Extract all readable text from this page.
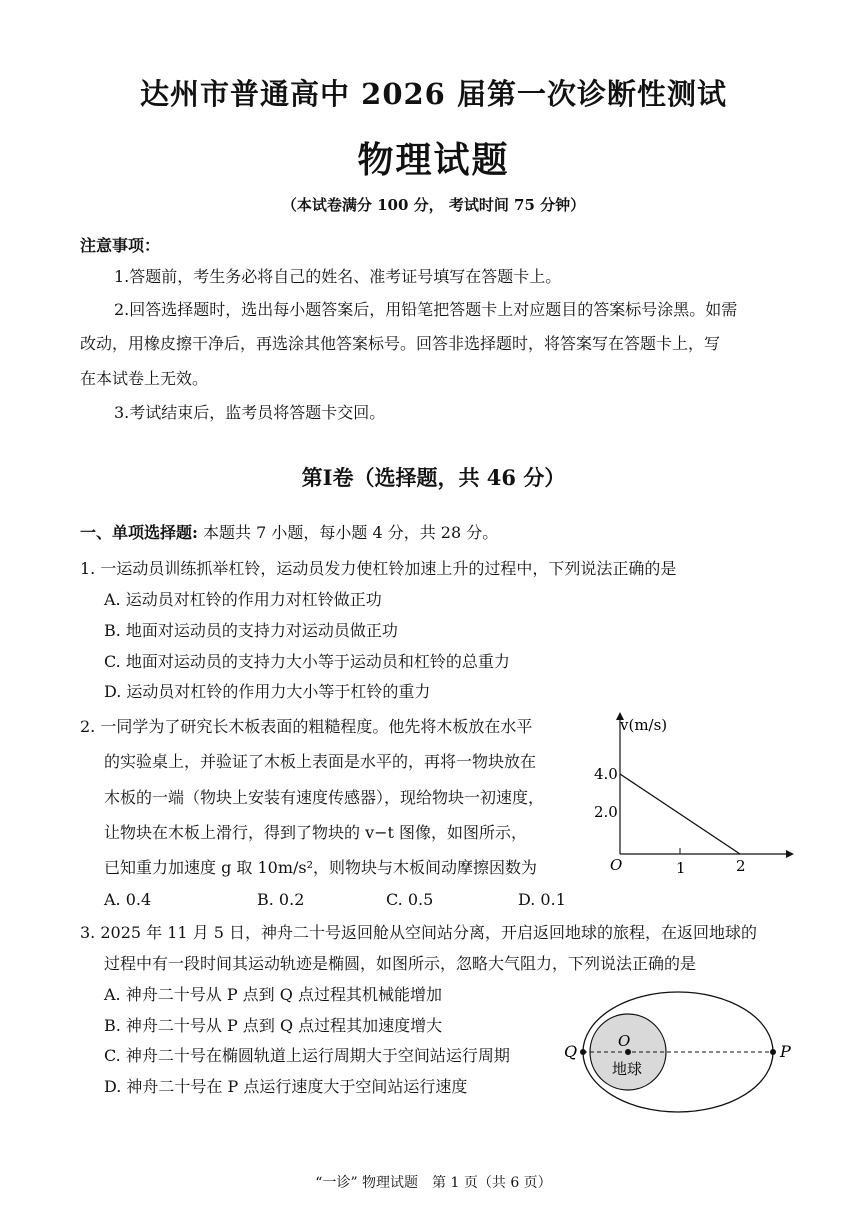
达州市普通高中 2026 届第一次诊断性测试
物理试题
（本试卷满分 100 分， 考试时间 75 分钟）
注意事项：
1.答题前，考生务必将自己的姓名、准考证号填写在答题卡上。
2.回答选择题时，选出每小题答案后，用铅笔把答题卡上对应题目的答案标号涂黑。如需
改动，用橡皮擦干净后，再选涂其他答案标号。回答非选择题时，将答案写在答题卡上，写
在本试卷上无效。
3.考试结束后，监考员将答题卡交回。
第Ⅰ卷（选择题，共 46 分）
一、单项选择题: 本题共 7 小题，每小题 4 分，共 28 分。
1. 一运动员训练抓举杠铃，运动员发力使杠铃加速上升的过程中，下列说法正确的是
A. 运动员对杠铃的作用力对杠铃做正功
B. 地面对运动员的支持力对运动员做正功
C. 地面对运动员的支持力大小等于运动员和杠铃的总重力
D. 运动员对杠铃的作用力大小等于杠铃的重力
2. 一同学为了研究长木板表面的粗糙程度。他先将木板放在水平
的实验桌上，并验证了木板上表面是水平的，再将一物块放在
木板的一端（物块上安装有速度传感器），现给物块一初速度，
让物块在木板上滑行，得到了物块的 v−t 图像，如图所示，
已知重力加速度 g 取 10m/s²，则物块与木板间动摩擦因数为
A. 0.4	B. 0.2	C. 0.5	D. 0.1
v(m/s)
4.0
2.0
O	1	2
3. 2025 年 11 月 5 日，神舟二十号返回舱从空间站分离，开启返回地球的旅程，在返回地球的
过程中有一段时间其运动轨迹是椭圆，如图所示，忽略大气阻力，下列说法正确的是
A. 神舟二十号从 P 点到 Q 点过程其机械能增加
B. 神舟二十号从 P 点到 Q 点过程其加速度增大
C. 神舟二十号在椭圆轨道上运行周期大于空间站运行周期
D. 神舟二十号在 P 点运行速度大于空间站运行速度
Q	P
O
地球
“一诊” 物理试题　第 1 页（共 6 页）
